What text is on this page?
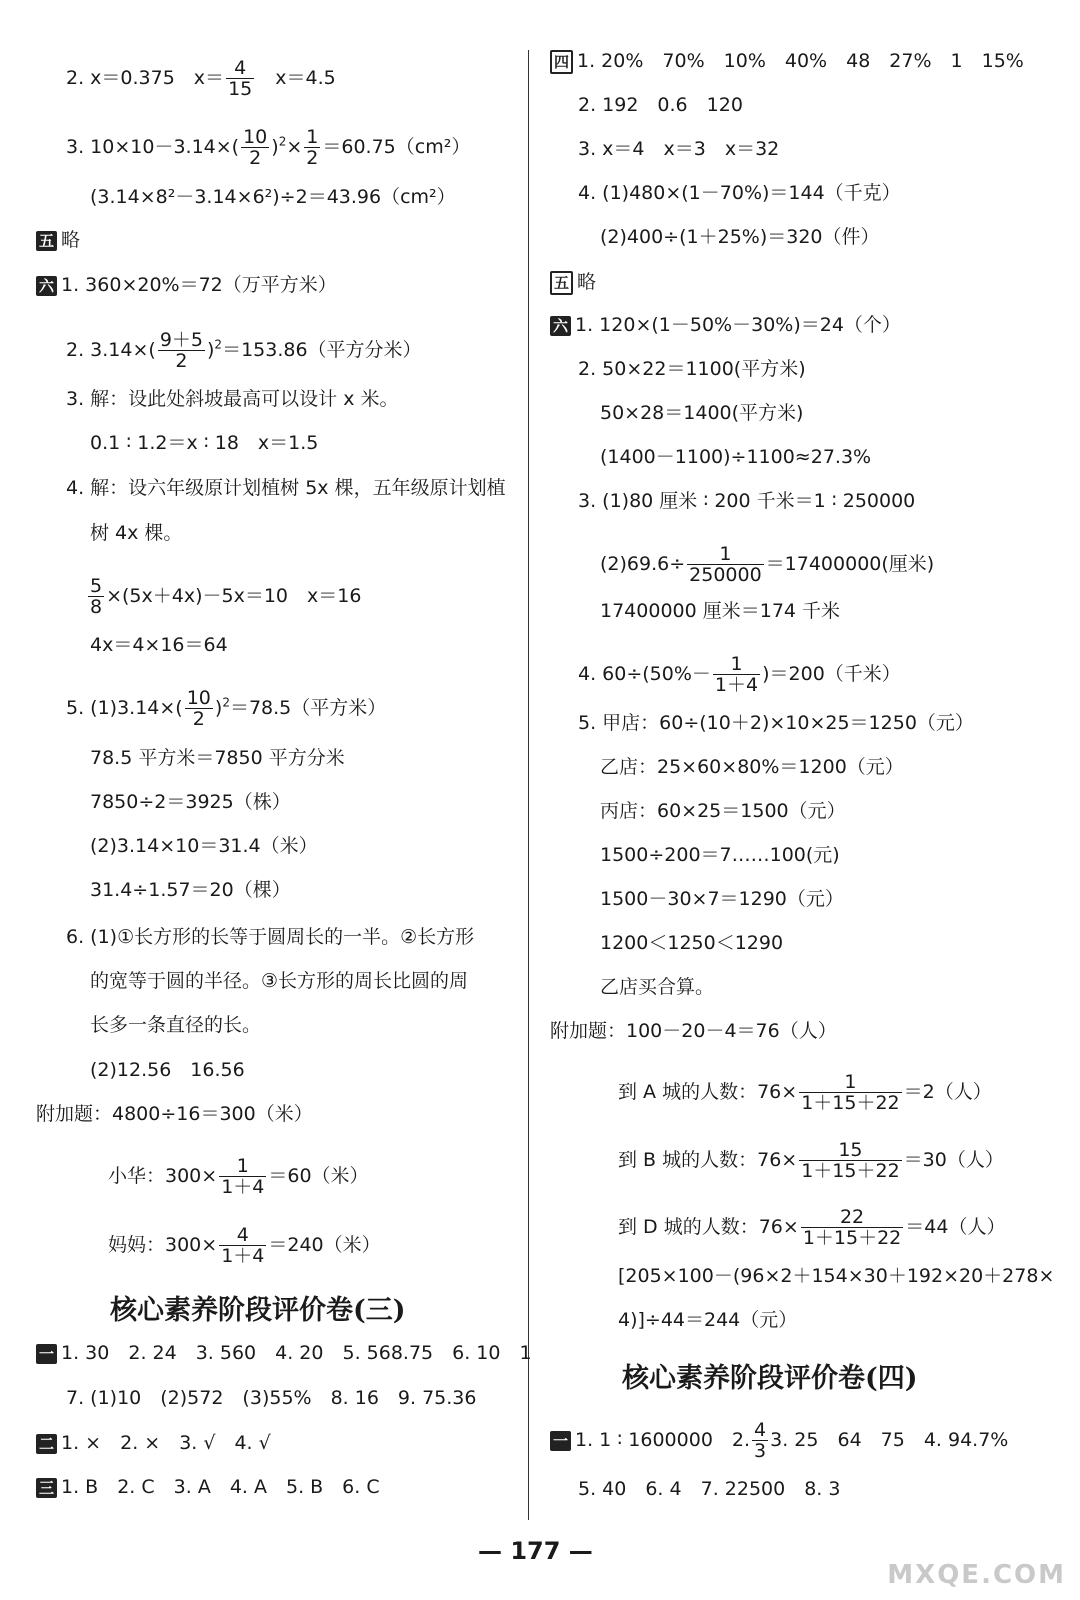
2. x＝0.375　$x= \frac{4}{15}$ 　x＝4.5
3. $10\times 10-3.14\times( \frac{10}{2} )^2\times \frac{1}{2} =60.75(cm^2)$
(3.14×8²－3.14×6²)÷2＝43.96（cm²）
五 略
六 1. 360×20%＝72（万平方米）
2. $3.14\times( \frac{9+5}{2} )^2=153.86$（平方分米）
3. 解：设此处斜坡最高可以设计 x 米。
0.1 ∶ 1.2＝x ∶ 18　x＝1.5
4. 解：设六年级原计划植树 5x 棵，五年级原计划植
树 4x 棵。
$\frac{5}{8} \times(5x+4x)-5x=10$　x＝16
4x＝4×16＝64
5. $(1)3.14\times( \frac{10}{2} )^2=78.5$（平方米）
78.5 平方米＝7850 平方分米
7850÷2＝3925（株）
(2)3.14×10＝31.4（米）
31.4÷1.57＝20（棵）
6. (1)①长方形的长等于圆周长的一半。②长方形
的宽等于圆的半径。③长方形的周长比圆的周
长多一条直径的长。
(2)12.56　16.56
附加题：4800÷16＝300（米）
小华：$300\times \frac{1}{1+4} =60$（米）
妈妈：$300\times \frac{4}{1+4} =240$（米）
核心素养阶段评价卷(三)
一 1. 30　2. 24　3. 560　4. 20　5. 568.75　6. 10　1
7. (1)10　(2)572　(3)55%　8. 16　9. 75.36
二 1. ×　2. ×　3. √　4. √
三 1. B　2. C　3. A　4. A　5. B　6. C
四 1. 20%　70%　10%　40%　48　27%　1　15%
2. 192　0.6　120
3. x＝4　x＝3　x＝32
4. (1)480×(1－70%)＝144（千克）
(2)400÷(1＋25%)＝320（件）
五 略
六 1. 120×(1－50%－30%)＝24（个）
2. 50×22＝1100(平方米)
50×28＝1400(平方米)
(1400－1100)÷1100≈27.3%
3. (1)80 厘米 ∶ 200 千米＝1 ∶ 250000
$(2)69.6\div \frac{1}{250000} =17400000$(厘米)
17400000 厘米＝174 千米
4. $60\div(50\%- \frac{1}{1+4} )=200$（千米）
5. 甲店：60÷(10＋2)×10×25＝1250（元）
乙店：25×60×80%＝1200（元）
丙店：60×25＝1500（元）
1500÷200＝7……100(元)
1500－30×7＝1290（元）
1200＜1250＜1290
乙店买合算。
附加题：100－20－4＝76（人）
到 A 城的人数：$76\times \frac{1}{1+15+22} =2$（人）
到 B 城的人数：$76\times \frac{15}{1+15+22} =30$（人）
到 D 城的人数：$76\times \frac{22}{1+15+22} =44$（人）
[205×100－(96×2＋154×30＋192×20＋278×
4)]÷44＝244（元）
核心素养阶段评价卷(四)
一 1. 1 ∶ 1600000　2. $\frac{4}{3} 3$. 25　64　75　4. 94.7%
5. 40　6. 4　7. 22500　8. 3
— 177 —
MXQE.COM
